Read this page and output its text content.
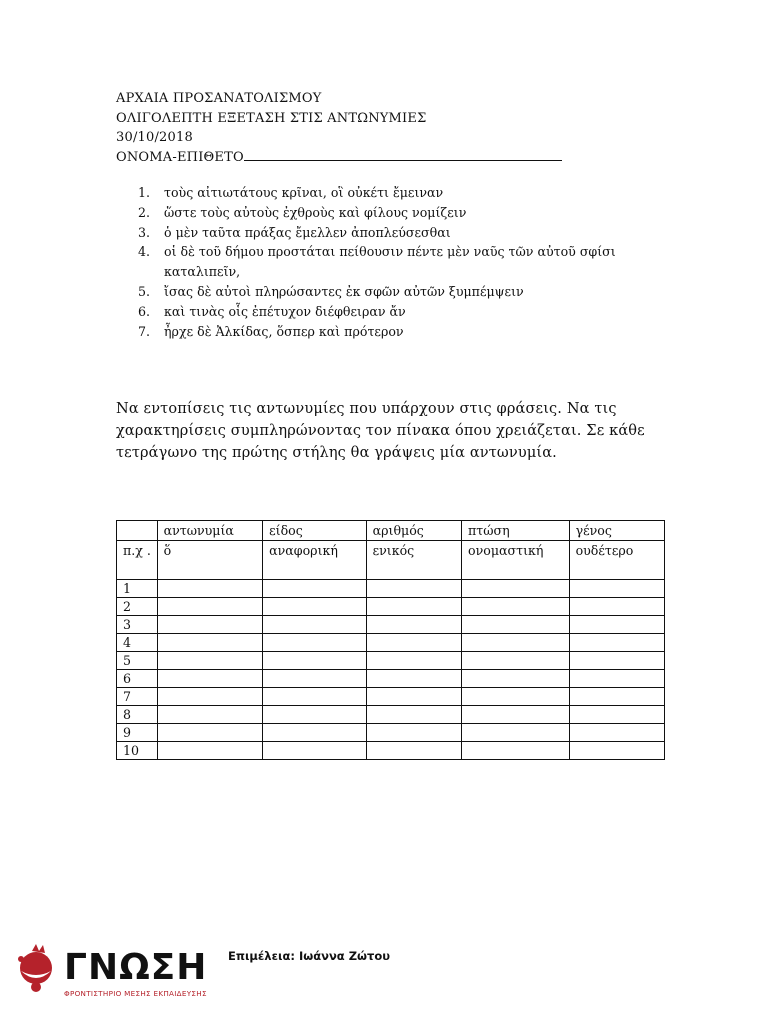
ΑΡΧΑΙΑ ΠΡΟΣΑΝΑΤΟΛΙΣΜΟΥ
ΟΛΙΓΟΛΕΠΤΗ ΕΞΕΤΑΣΗ ΣΤΙΣ ΑΝΤΩΝΥΜΙΕΣ
30/10/2018
ΟΝΟΜΑ-ΕΠΙΘΕΤΟ
1. τοὺς αἰτιωτάτους κρῖναι, οἳ οὐκέτι ἔμειναν
2. ὥστε τοὺς αὐτοὺς ἐχθροὺς καὶ φίλους νομίζειν
3. ὁ μὲν ταῦτα πράξας ἔμελλεν ἀποπλεύσεσθαι
4. οἱ δὲ τοῦ δήμου προστάται πείθουσιν πέντε μὲν ναῦς τῶν αὐτοῦ σφίσι καταλιπεῖν,
5. ἴσας δὲ αὐτοὶ πληρώσαντες ἐκ σφῶν αὐτῶν ξυμπέμψειν
6. καὶ τινὰς οἷς ἐπέτυχον διέφθειραν ἄν
7. ἦρχε δὲ Ἀλκίδας, ὅσπερ καὶ πρότερον
Να εντοπίσεις τις αντωνυμίες που υπάρχουν στις φράσεις. Να τις χαρακτηρίσεις συμπληρώνοντας τον πίνακα όπου χρειάζεται. Σε κάθε τετράγωνο της πρώτης στήλης θα γράψεις μία αντωνυμία.
	αντωνυμία	είδος	αριθμός	πτώση	γένος
π.χ .	ὅ	αναφορική	ενικός	ονομαστική	ουδέτερο
1					
2					
3					
4					
5					
6					
7					
8					
9					
10					
ΓΝΩΣΗ
ΦΡΟΝΤΙΣΤΗΡΙΟ ΜΕΣΗΣ ΕΚΠΑΙΔΕΥΣΗΣ
Επιμέλεια: Ιωάννα Ζώτου
